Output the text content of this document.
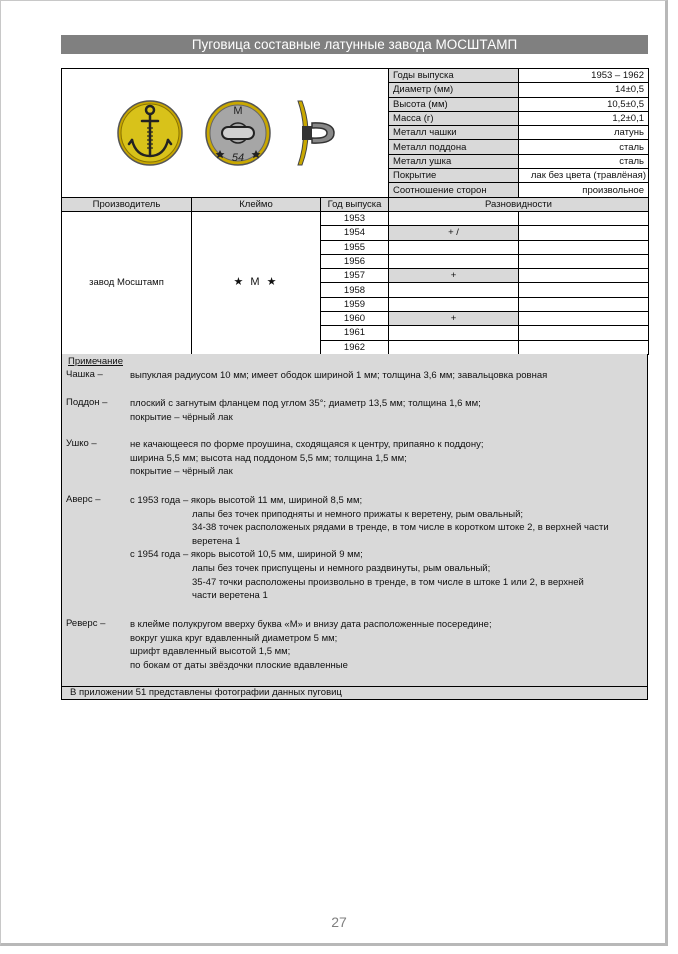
Пуговица составные латунные завода МОСШТАМП
М
54			Годы выпуска	1953 – 1962
			Диаметр (мм)	14±0,5
			Высота (мм)	10,5±0,5
			Масса (г)	1,2±0,1
			Металл чашки	латунь
			Металл поддона	сталь
			Металл ушка	сталь
			Покрытие	лак без цвета (травлёная)
			Соотношение сторон	произвольное
Производитель	Клеймо	Год выпуска	Разновидности	
завод Мосштамп	★ М ★	1953		
		1954	+ /	
		1955		
		1956		
		1957	+	
		1958		
		1959		
		1960	+	
		1961		
		1962		
Примечание
Чашка –	выпуклая радиусом 10 мм; имеет ободок шириной 1 мм; толщина 3,6 мм; завальцовка ровная
Поддон – плоский с загнутым фланцем под углом 35°; диаметр 13,5 мм; толщина 1,6 мм;
покрытие – чёрный лак
Ушко –	не качающееся по форме проушина, сходящаяся к центру, припаяно к поддону;
ширина 5,5 мм; высота над поддоном 5,5 мм; толщина 1,5 мм;
покрытие – чёрный лак
Аверс –	с 1953 года – якорь высотой 11 мм, шириной 8,5 мм;
лапы без точек приподняты и немного прижаты к веретену, рым овальный;
34-38 точек расположеных рядами в тренде, в том числе в коротком штоке 2, в верхней части
веретена 1
с 1954 года – якорь высотой 10,5 мм, шириной 9 мм;
лапы без точек приспущены и немного раздвинуты, рым овальный;
35-47 точки расположены произвольно в тренде, в том числе в штоке 1 или 2, в верхней
части веретена 1
Реверс –	в клейме полукругом вверху буква «М» и внизу дата расположенные посередине;
вокруг ушка круг вдавленный диаметром 5 мм;
шрифт вдавленный высотой 1,5 мм;
по бокам от даты звёздочки плоские вдавленные
В приложении 51 представлены фотографии данных пуговиц
27
